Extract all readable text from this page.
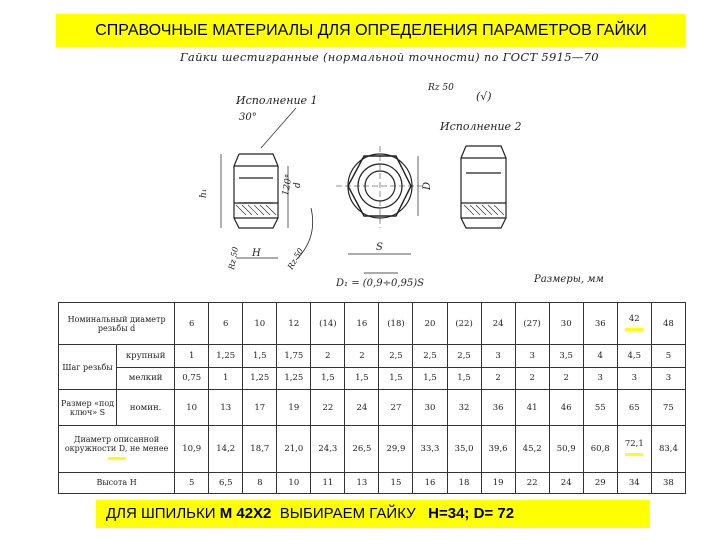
СПРАВОЧНЫЕ МАТЕРИАЛЫ ДЛЯ ОПРЕДЕЛЕНИЯ ПАРАМЕТРОВ ГАЙКИ
Гайки шестигранные (нормальной точности) по ГОСТ 5915—70
Исполнение 1
30°
120°
h₁
d	D
S
H
D₁ = (0,9÷0,95)S
Rz 50
(√)
Исполнение 2
Размеры, мм
Rz 50	Rz 50
Номинальный диаметр резьбы d		6	6	10	12	(14)	16	(18)	20	(22)	24	(27)	30	36	42	48
Шаг резьбы	крупный	1	1,25	1,5	1,75	2	2	2,5	2,5	2,5	3	3	3,5	4	4,5	5
	мелкий	0,75	1	1,25	1,25	1,5	1,5	1,5	1,5	1,5	2	2	2	3	3	3
Размер «под ключ» S	номин.	10	13	17	19	22	24	27	30	32	36	41	46	55	65	75
Диаметр описанной окружности D, не менее		10,9	14,2	18,7	21,0	24,3	26,5	29,9	33,3	35,0	39,6	45,2	50,9	60,8	72,1	83,4
Высота H		5	6,5	8	10	11	13	15	16	18	19	22	24	29	34	38
ДЛЯ ШПИЛЬКИ М 42Х2  ВЫБИРАЕМ ГАЙКУ   Н=34; D= 72
